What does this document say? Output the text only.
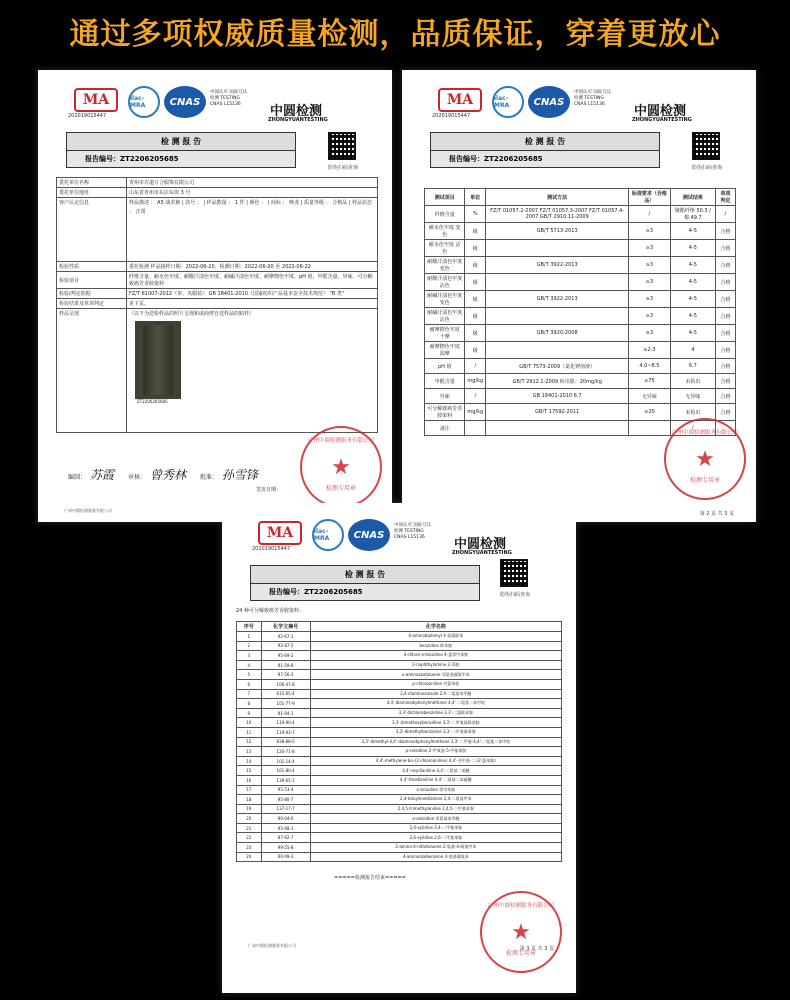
通过多项权威质量检测，品质保证，穿着更放心
MA
202019015447
ilac-MRA	CNAS
中国认可 国际互认 检测 TESTING CNAS L15136	中圆检测
ZHONGYUANTESTING
检 测 报 告
报告编号：ZT2206205685
防伪扫码查询
委托单位名称	青州市衣道万合服饰有限公司
委托单位地址	山东省青州市东店东街 3 号
客户认定信息	样品描述 ： A5 战术裤 | 款号 ： | 样品数量 ： 1 件 | 颜色 ： | 商标 ： 唤龙 | 质量等级 ： 合格品 | 样品状态 ： 正常
检验性质	委托检测 样品接样日期：2022-06-20，检测日期：2022-06-20 至 2022-06-22
检验项目	纤维含量、耐水色牢度、耐酸汗渍色牢度、耐碱汗渍色牢度、耐摩擦色牢度、pH 值、甲醛含量、异味、可分解致癌芳香胺染料
检验/判定依据	FZ/T 81007-2012《单、夹服装》 GB 18401-2010《国家纺织产品基本安全技术规范》 "B 类"
检验结果及单项判定	见下页。
样品呈现	（以下为送检样品的照片呈现和或商剪自送样品的贴样）
ZT2206205685
编制： 苏霞 审核： 曾秀林 批准： 孙雪锋
签发日期：
广州中圆检测服务有限公司
★
检测专用章
广州中圆检测服务有限公司
MA
202019015447
ilac-MRA	CNAS
中国认可 国际互认 检测 TESTING CNAS L15136	中圆检测
ZHONGYUANTESTING
检 测 报 告
报告编号：ZT2206205685
防伪扫码查询
测试项目	单位	测试方法	标准要求（合格品）	测试结果	单项判定
纤维含量	%	FZ/T 01057.2-2007 FZ/T 01057.3-2007 FZ/T 01057.4-2007 GB/T 2910.11-2009	/	聚酯纤维 50.3 / 棉 49.7	/
耐水色牢度 变色	级	GB/T 5713-2013	≥3	4-5	合格
耐水色牢度 沾色	级		≥3	4-5	合格
耐酸汗渍色牢度 变色	级	GB/T 3922-2013	≥3	4-5	合格
耐酸汗渍色牢度 沾色	级		≥3	4-5	合格
耐碱汗渍色牢度 变色	级	GB/T 3922-2013	≥3	4-5	合格
耐碱汗渍色牢度 沾色	级		≥3	4-5	合格
耐摩擦色牢度 干摩	级	GB/T 3920-2008	≥3	4-5	合格
耐摩擦色牢度 湿摩	级		≥2-3	4	合格
pH 值	/	GB/T 7573-2009（氯化钾溶液）	4.0~8.5	6.7	合格
甲醛含量	mg/kg	GB/T 2912.1-2009 检出限：20mg/kg	≤75	未检出	合格
异味	/	GB 18401-2010 6.7	无异味	无异味	合格
可分解致癌芳香胺染料	mg/kg	GB/T 17592-2011	≤20	未检出	合格
备注				/	
广州中圆检测服务有限公司
★
检测专用章
第 2 页 共 3 页
MA
202019015447
ilac-MRA	CNAS
中国认可 国际互认 检测 TESTING CNAS L15136	中圆检测
ZHONGYUANTESTING
检 测 报 告
报告编号：ZT2206205685	防伪扫码查询
24 种可分解致癌芳香胺染料：
序号	化学文摘号	化学名称
1	92-67-1	4-aminobiphenyl 4-氨基联苯
2	92-87-5	benzidine 联苯胺
3	95-69-2	4-chloro-o-toluidine 4-氯邻甲苯胺
4	91-59-8	2-naphthylamine 2-萘胺
5	97-56-3	o-aminoazotoluene 邻氨基偶氮甲苯
6	106-47-8	p-chloroaniline 对氯苯胺
7	615-05-4	2,4-diaminoanisole 2,4-二氨基苯甲醚
8	101-77-9	4,4'-diaminodiphenylmethane 4,4'-二氨基二苯甲烷
9	91-94-1	3,3'-dichlorobenzidine 3,3'-二氯联苯胺
10	119-90-4	3,3'-dimethoxybenzidine 3,3'-二甲氧基联苯胺
11	119-93-7	3,3'-dimethylbenzidine 3,3'-二甲基联苯胺
12	838-88-0	3,3'-dimethyl-4,4'-diaminodiphenylmethane 3,3'-二甲基-4,4'-二氨基二苯甲烷
13	120-71-8	p-cresidine 2-甲氧基-5-甲基苯胺
14	101-14-4	4,4'-methylene-bis-(2-chloroaniline) 4,4'-亚甲基-二-(2-氯苯胺)
15	101-80-4	4,4'-oxydianiline 4,4'-二氨基二苯醚
16	139-65-1	4,4'-thiodianiline 4,4'-二氨基二苯硫醚
17	95-53-4	o-toluidine 邻甲苯胺
18	95-80-7	2,4-toluylenediamine 2,4-二氨基甲苯
19	137-17-7	2,4,5-trimethylaniline 2,4,5-三甲基苯胺
20	90-04-0	o-anisidine 邻氨基苯甲醚
21	95-68-1	2,4-xylidine 2,4-二甲基苯胺
22	87-62-7	2,6-xylidine 2,6-二甲基苯胺
23	99-55-8	2-amino-4-nitrotoluene 2-氨基-4-硝基甲苯
24	60-09-3	4-aminoazobenzene 4-氨基偶氮苯
=====检测报告结束=====
广州中圆检测服务有限公司
★
检测专用章
第 3 页 共 3 页
广州中圆检测服务有限公司
